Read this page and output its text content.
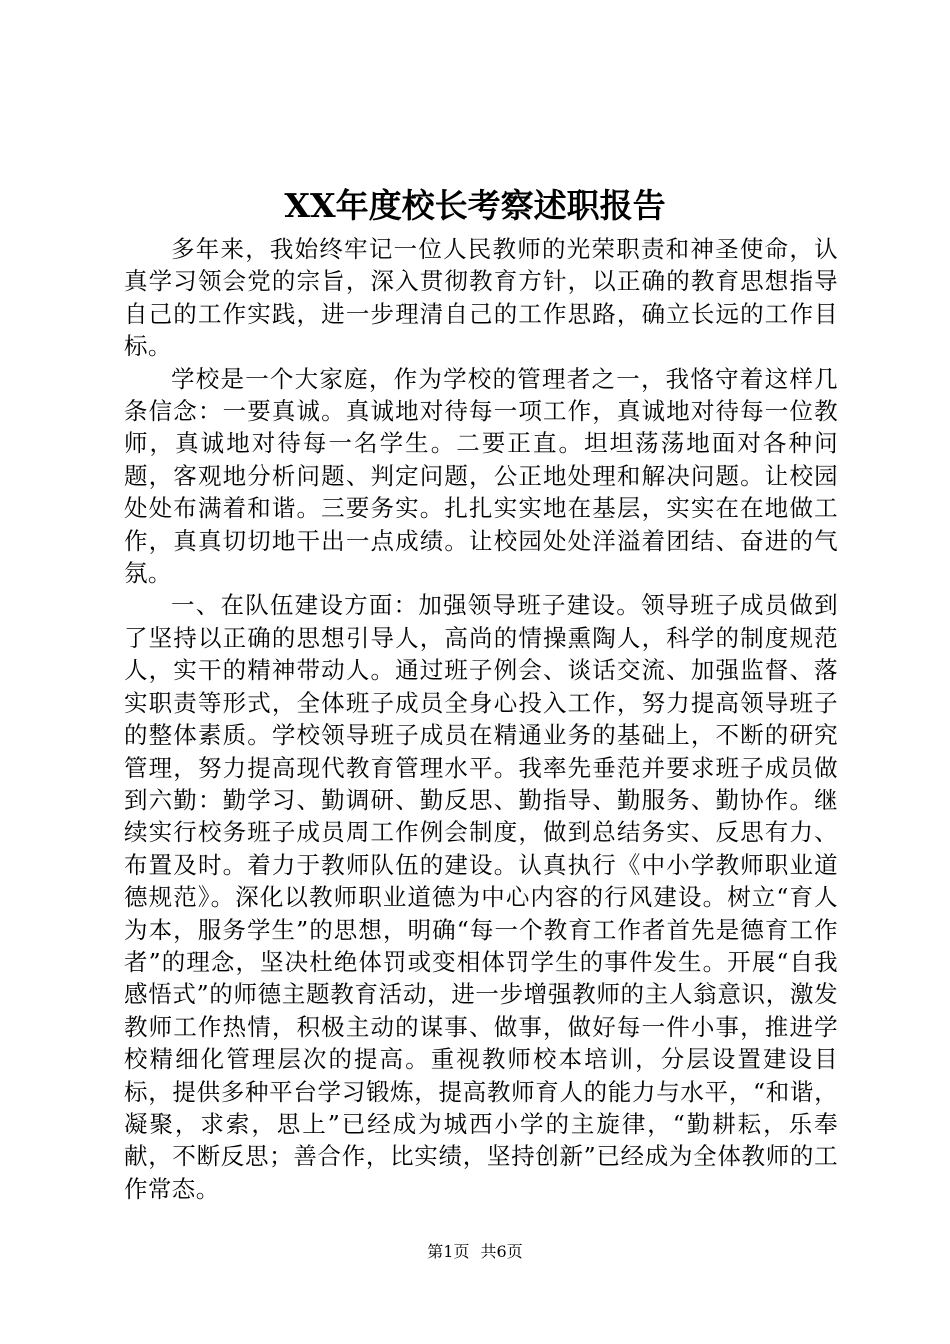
XX年度校长考察述职报告

多年来，我始终牢记一位人民教师的光荣职责和神圣使命，认真学习领会党的宗旨，深入贯彻教育方针，以正确的教育思想指导自己的工作实践，进一步理清自己的工作思路，确立长远的工作目标。

学校是一个大家庭，作为学校的管理者之一，我恪守着这样几条信念：一要真诚。真诚地对待每一项工作，真诚地对待每一位教师，真诚地对待每一名学生。二要正直。坦坦荡荡地面对各种问题，客观地分析问题、判定问题，公正地处理和解决问题。让校园处处布满着和谐。三要务实。扎扎实实地在基层，实实在在地做工作，真真切切地干出一点成绩。让校园处处洋溢着团结、奋进的气氛。

一、在队伍建设方面：加强领导班子建设。领导班子成员做到了坚持以正确的思想引导人，高尚的情操熏陶人，科学的制度规范人，实干的精神带动人。通过班子例会、谈话交流、加强监督、落实职责等形式，全体班子成员全身心投入工作，努力提高领导班子的整体素质。学校领导班子成员在精通业务的基础上，不断的研究管理，努力提高现代教育管理水平。我率先垂范并要求班子成员做到六勤：勤学习、勤调研、勤反思、勤指导、勤服务、勤协作。继续实行校务班子成员周工作例会制度，做到总结务实、反思有力、布置及时。着力于教师队伍的建设。认真执行《中小学教师职业道德规范》。深化以教师职业道德为中心内容的行风建设。树立“育人为本，服务学生”的思想，明确“每一个教育工作者首先是德育工作者”的理念，坚决杜绝体罚或变相体罚学生的事件发生。开展“自我感悟式”的师德主题教育活动，进一步增强教师的主人翁意识，激发教师工作热情，积极主动的谋事、做事，做好每一件小事，推进学校精细化管理层次的提高。重视教师校本培训，分层设置建设目标，提供多种平台学习锻炼，提高教师育人的能力与水平，“和谐，凝聚，求索，思上”已经成为城西小学的主旋律，“勤耕耘，乐奉献，不断反思；善合作，比实绩，坚持创新”已经成为全体教师的工作常态。

第1页 共6页
